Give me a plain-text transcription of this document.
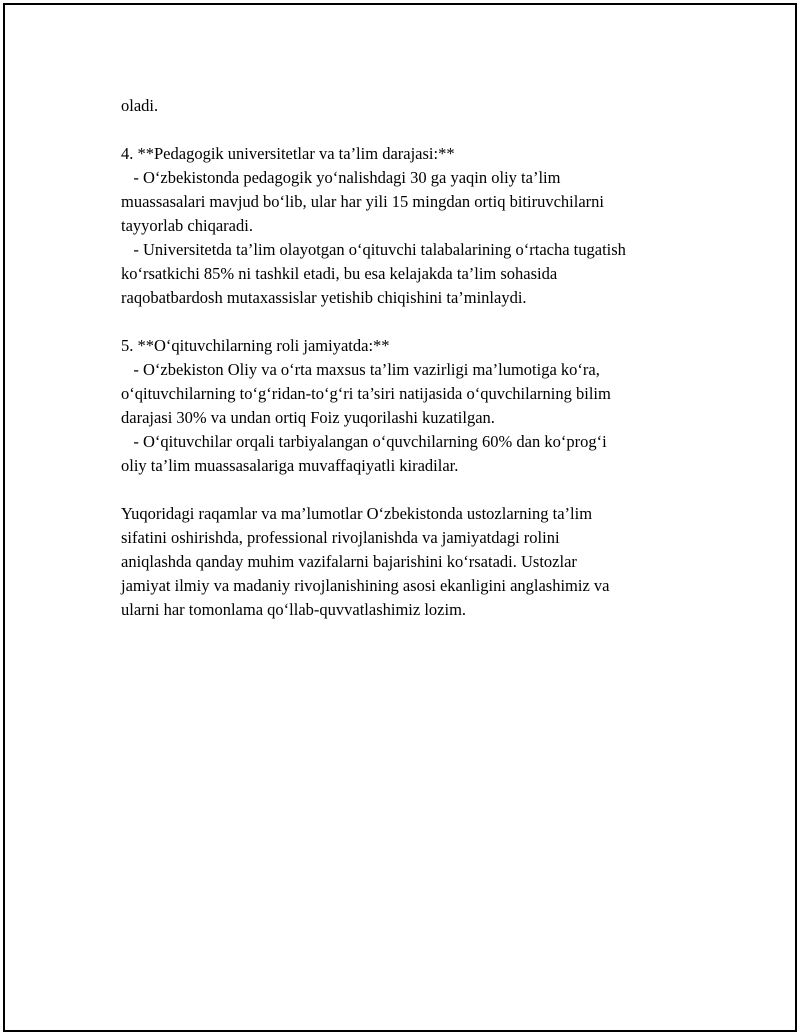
oladi.
4. **Pedagogik universitetlar va ta’lim darajasi:**
- O‘zbekistonda pedagogik yo‘nalishdagi 30 ga yaqin oliy ta’lim
muassasalari mavjud bo‘lib, ular har yili 15 mingdan ortiq bitiruvchilarni
tayyorlab chiqaradi.
- Universitetda ta’lim olayotgan o‘qituvchi talabalarining o‘rtacha tugatish
ko‘rsatkichi 85% ni tashkil etadi, bu esa kelajakda ta’lim sohasida
raqobatbardosh mutaxassislar yetishib chiqishini ta’minlaydi.
5. **O‘qituvchilarning roli jamiyatda:**
- O‘zbekiston Oliy va o‘rta maxsus ta’lim vazirligi ma’lumotiga ko‘ra,
o‘qituvchilarning to‘g‘ridan-to‘g‘ri ta’siri natijasida o‘quvchilarning bilim
darajasi 30% va undan ortiq Foiz yuqorilashi kuzatilgan.
- O‘qituvchilar orqali tarbiyalangan o‘quvchilarning 60% dan ko‘prog‘i
oliy ta’lim muassasalariga muvaffaqiyatli kiradilar.
Yuqoridagi raqamlar va ma’lumotlar O‘zbekistonda ustozlarning ta’lim
sifatini oshirishda, professional rivojlanishda va jamiyatdagi rolini
aniqlashda qanday muhim vazifalarni bajarishini ko‘rsatadi. Ustozlar
jamiyat ilmiy va madaniy rivojlanishining asosi ekanligini anglashimiz va
ularni har tomonlama qo‘llab-quvvatlashimiz lozim.
